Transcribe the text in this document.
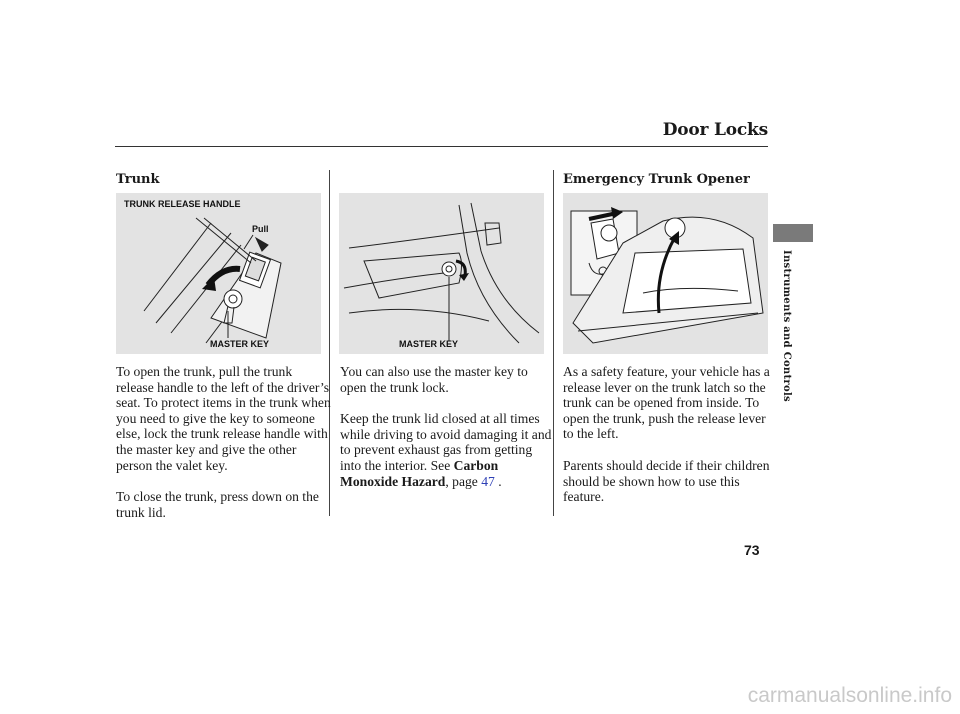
Door Locks
Trunk
TRUNK RELEASE HANDLE
Pull
MASTER KEY

To open the trunk, pull the trunk release handle to the left of the driver’s seat. To protect items in the trunk when you need to give the key to someone else, lock the trunk release handle with the master key and give the other person the valet key.

To close the trunk, press down on the trunk lid.

MASTER KEY

You can also use the master key to open the trunk lock.

Keep the trunk lid closed at all times while driving to avoid damaging it and to prevent exhaust gas from getting into the interior. See Carbon Monoxide Hazard, page 47 .

Emergency Trunk Opener

As a safety feature, your vehicle has a release lever on the trunk latch so the trunk can be opened from inside. To open the trunk, push the release lever to the left.

Parents should decide if their children should be shown how to use this feature.

Instruments and Controls
73
carmanualsonline.info
